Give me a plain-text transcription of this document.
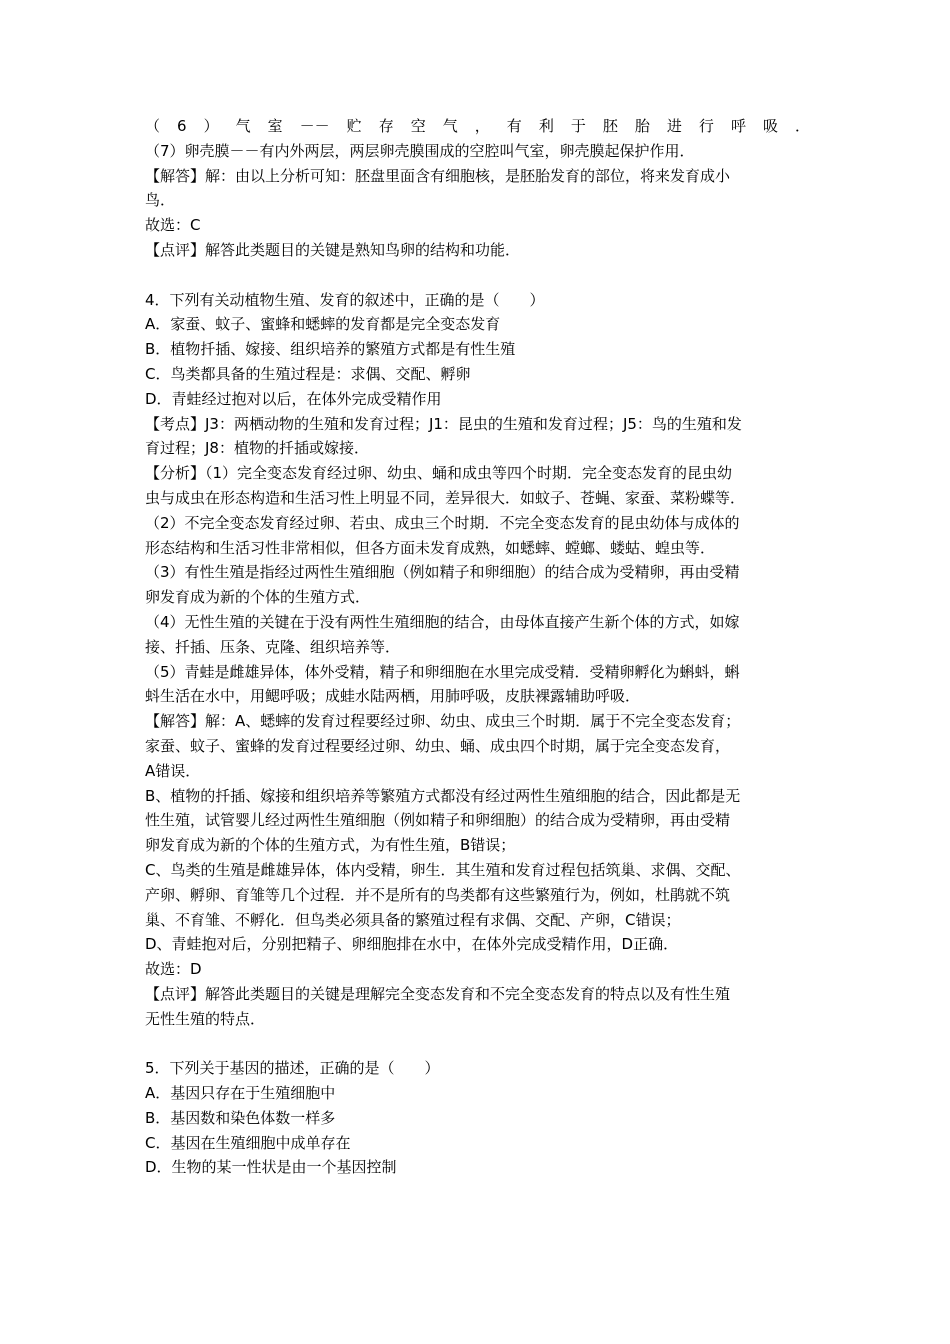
（6）气室－－贮存空气，有利于胚胎进行呼吸．
（7）卵壳膜－－有内外两层，两层卵壳膜围成的空腔叫气室，卵壳膜起保护作用．
【解答】解：由以上分析可知：胚盘里面含有细胞核，是胚胎发育的部位，将来发育成小
鸟．
故选：C
【点评】解答此类题目的关键是熟知鸟卵的结构和功能．
4．下列有关动植物生殖、发育的叙述中，正确的是（　　）
A．家蚕、蚊子、蜜蜂和蟋蟀的发育都是完全变态发育
B．植物扦插、嫁接、组织培养的繁殖方式都是有性生殖
C．鸟类都具备的生殖过程是：求偶、交配、孵卵
D．青蛙经过抱对以后，在体外完成受精作用
【考点】J3：两栖动物的生殖和发育过程；J1：昆虫的生殖和发育过程；J5：鸟的生殖和发
育过程；J8：植物的扦插或嫁接．
【分析】（1）完全变态发育经过卵、幼虫、蛹和成虫等四个时期．完全变态发育的昆虫幼
虫与成虫在形态构造和生活习性上明显不同，差异很大．如蚊子、苍蝇、家蚕、菜粉蝶等．
（2）不完全变态发育经过卵、若虫、成虫三个时期．不完全变态发育的昆虫幼体与成体的
形态结构和生活习性非常相似，但各方面未发育成熟，如蟋蟀、螳螂、蝼蛄、蝗虫等．
（3）有性生殖是指经过两性生殖细胞（例如精子和卵细胞）的结合成为受精卵，再由受精
卵发育成为新的个体的生殖方式．
（4）无性生殖的关键在于没有两性生殖细胞的结合，由母体直接产生新个体的方式，如嫁
接、扦插、压条、克隆、组织培养等．
（5）青蛙是雌雄异体，体外受精，精子和卵细胞在水里完成受精．受精卵孵化为蝌蚪，蝌
蚪生活在水中，用鳃呼吸；成蛙水陆两栖，用肺呼吸，皮肤裸露辅助呼吸．
【解答】解：A、蟋蟀的发育过程要经过卵、幼虫、成虫三个时期．属于不完全变态发育；
家蚕、蚊子、蜜蜂的发育过程要经过卵、幼虫、蛹、成虫四个时期，属于完全变态发育，
A错误．
B、植物的扦插、嫁接和组织培养等繁殖方式都没有经过两性生殖细胞的结合，因此都是无
性生殖，试管婴儿经过两性生殖细胞（例如精子和卵细胞）的结合成为受精卵，再由受精
卵发育成为新的个体的生殖方式，为有性生殖，B错误；
C、鸟类的生殖是雌雄异体，体内受精，卵生．其生殖和发育过程包括筑巢、求偶、交配、
产卵、孵卵、育雏等几个过程．并不是所有的鸟类都有这些繁殖行为，例如，杜鹃就不筑
巢、不育雏、不孵化．但鸟类必须具备的繁殖过程有求偶、交配、产卵，C错误；
D、青蛙抱对后，分别把精子、卵细胞排在水中，在体外完成受精作用，D正确．
故选：D
【点评】解答此类题目的关键是理解完全变态发育和不完全变态发育的特点以及有性生殖
无性生殖的特点．
5．下列关于基因的描述，正确的是（　　）
A．基因只存在于生殖细胞中
B．基因数和染色体数一样多
C．基因在生殖细胞中成单存在
D．生物的某一性状是由一个基因控制
